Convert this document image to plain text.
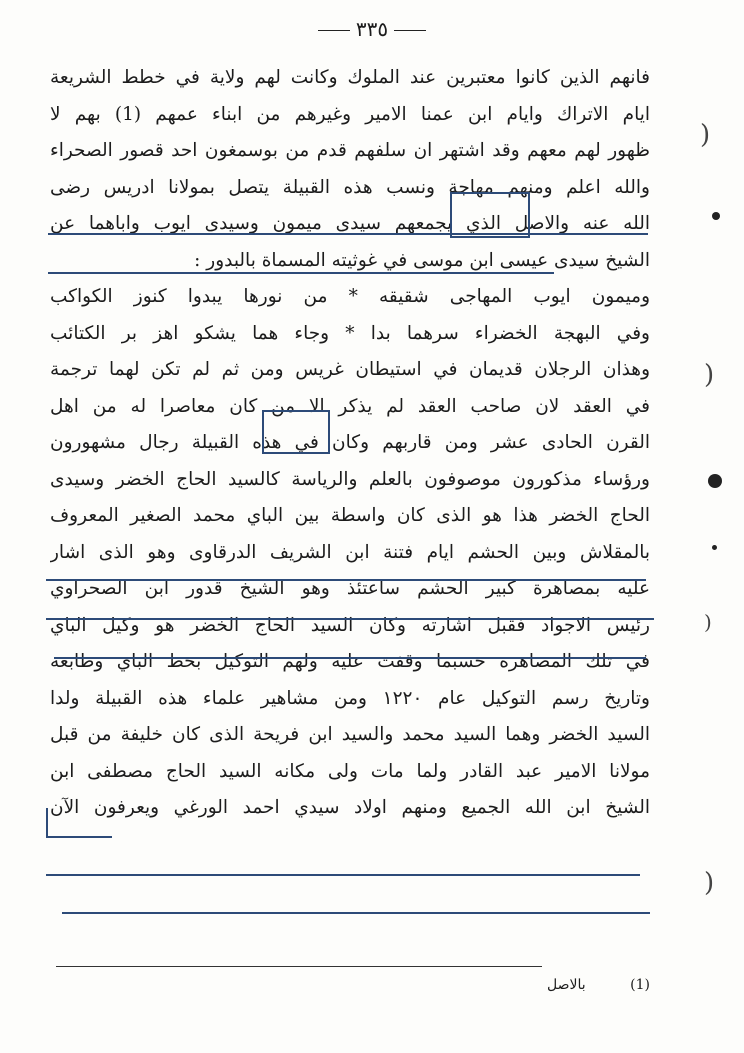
٣٣٥
فانهم الذين كانوا معتبرين عند الملوك وكانت لهم ولاية في خطط الشريعة
ايام الاتراك وايام ابن عمنا الامير وغيرهم من ابناء عمهم (1) بهم لا
ظهور لهم معهم وقد اشتهر ان سلفهم قدم من بوسمغون احد قصور الصحراء
والله اعلم ومنهم مهاجة ونسب هذه القبيلة يتصل بمولانا ادريس رضى
الله عنه والاصل الذي يجمعهم سيدى ميمون وسيدى ايوب واباهما عن
الشيخ سيدى عيسى ابن موسى في غوثيته المسماة بالبدور :
وميمون ايوب المهاجى شقيقه * من نورها يبدوا كنوز الكواكب
وفي البهجة الخضراء سرهما بدا * وجاء هما يشكو اهز بر الكتائب
وهذان الرجلان قديمان في استيطان غريس ومن ثم لم تكن لهما ترجمة
في العقد لان صاحب العقد لم يذكر الا من كان معاصرا له من اهل
القرن الحادى عشر ومن قاربهم وكان في هذه القبيلة رجال مشهورون
ورؤساء مذكورون موصوفون بالعلم والرياسة كالسيد الحاج الخضر وسيدى
الحاج الخضر هذا هو الذى كان واسطة بين الباي محمد الصغير المعروف
بالمقلاش وبين الحشم ايام فتنة ابن الشريف الدرقاوى وهو الذى اشار
عليه بمصاهرة كبير الحشم ساعتئذ وهو الشيخ قدور ابن الصحراوي
رئيس الاجواد فقبل اشارته وكان السيد الحاج الخضر هو وكيل الباي
في تلك المصاهرة حسبما وقفت عليه ولهم التوكيل بخط الباي وطابعه
وتاريخ رسم التوكيل عام ١٢٢٠ ومن مشاهير علماء هذه القبيلة ولدا
السيد الخضر وهما السيد محمد والسيد ابن فريحة الذى كان خليفة من قبل
مولانا الامير عبد القادر ولما مات ولى مكانه السيد الحاج مصطفى ابن
الشيخ ابن الله الجميع ومنهم اولاد سيدي احمد الورغي ويعرفون الآن
)
)
)
)
(1) بالاصل
